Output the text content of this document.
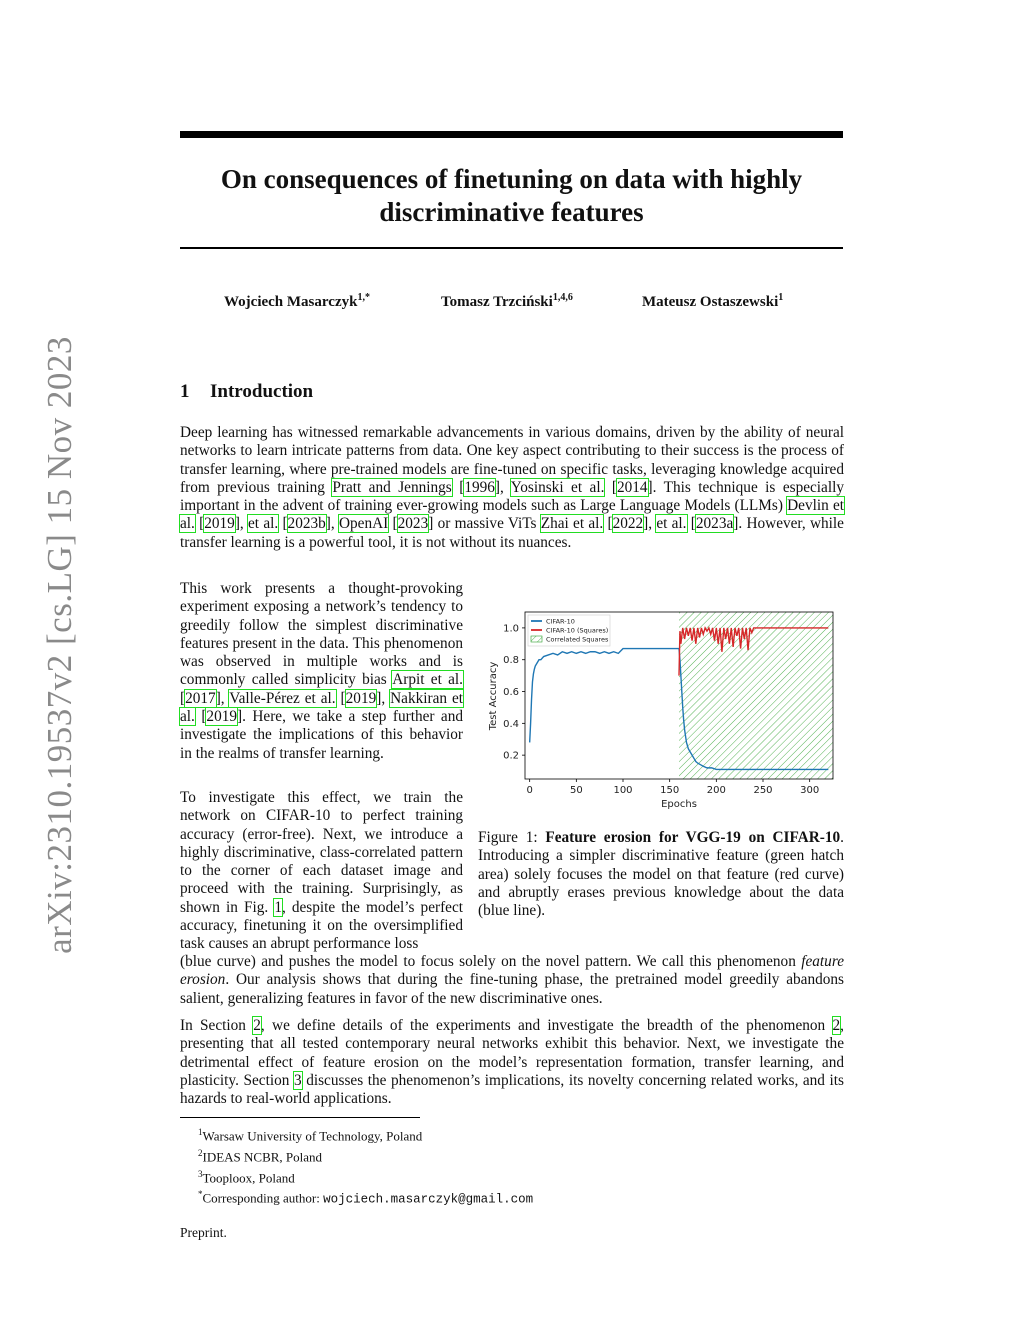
On consequences of finetuning on data with highly discriminative features
Wojciech Masarczyk$^{1,*}$	Tomasz Trzciński$^{1,4,6}$	Mateusz Ostaszewski$^1$
arXiv:2310.19537v2 [cs.LG] 15 Nov 2023	1 Introduction

Deep learning has witnessed remarkable advancements in various domains, driven by the ability of neural networks to learn intricate patterns from data. One key aspect contributing to their success is the process of transfer learning, where pre-trained models are fine-tuned on specific tasks, leveraging knowledge acquired from previous training Pratt and Jennings [1996], Yosinski et al. [2014]. This technique is especially important in the advent of training ever-growing models such as Large Language Models (LLMs) Devlin et al. [2019], et al. [2023b], OpenAI [2023] or massive ViTs Zhai et al. [2022], et al. [2023a]. However, while transfer learning is a powerful tool, it is not without its nuances.

This work presents a thought-provoking experiment exposing a network’s tendency to greedily follow the simplest discriminative features present in the data. This phenomenon was observed in multiple works and is commonly called simplicity bias Arpit et al. [2017], Valle-Pérez et al. [2019], Nakkiran et al. [2019]. Here, we take a step further and investigate the implications of this behavior in the realms of transfer learning.

To investigate this effect, we train the network on CIFAR-10 to perfect training accuracy (error-free). Next, we introduce a highly discriminative, class-correlated pattern to the corner of each dataset image and proceed with the training. Surprisingly, as shown in Fig. 1, despite the model’s perfect accuracy, finetuning it on the oversimplified task causes an abrupt performance loss

0	50	100	150	200	250	300
0.2
0.4
0.6
0.8
1.0
Epochs
Test Accuracy
CIFAR-10
CIFAR-10 (Squares)
Correlated Squares

Figure 1: Feature erosion for VGG-19 on CIFAR-10. Introducing a simpler discriminative feature (green hatch area) solely focuses the model on that feature (red curve) and abruptly erases previous knowledge about the data (blue line).

(blue curve) and pushes the model to focus solely on the novel pattern. We call this phenomenon feature erosion. Our analysis shows that during the fine-tuning phase, the pretrained model greedily abandons salient, generalizing features in favor of the new discriminative ones.

In Section 2, we define details of the experiments and investigate the breadth of the phenomenon 2, presenting that all tested contemporary neural networks exhibit this behavior. Next, we investigate the detrimental effect of feature erosion on the model’s representation formation, transfer learning, and plasticity. Section 3 discusses the phenomenon’s implications, its novelty concerning related works, and its hazards to real-world applications.

$^1$Warsaw University of Technology, Poland
$^2$IDEAS NCBR, Poland
$^3$Tooploox, Poland
*Corresponding author: wojciech.masarczyk@gmail.com
Preprint.
